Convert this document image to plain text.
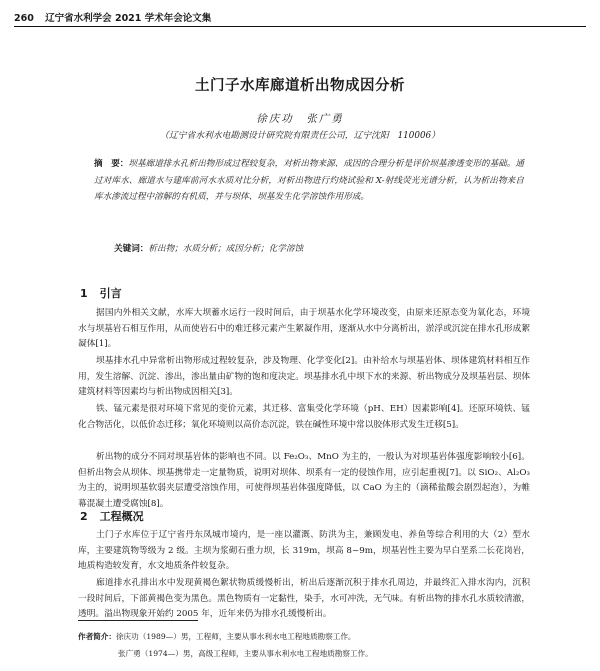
260 辽宁省水利学会 2021 学术年会论文集
土门子水库廊道析出物成因分析
徐庆功　张广勇
（辽宁省水利水电勘测设计研究院有限责任公司，辽宁沈阳　110006）
摘　要：坝基廊道排水孔析出物形成过程较复杂，对析出物来源、成因的合理分析是评价坝基渗透变形的基础。通过对库水、廊道水与建库前河水水质对比分析，对析出物进行灼烧试验和 X-射线荧光光谱分析，认为析出物来自库水渗流过程中溶解的有机质，并与坝体、坝基发生化学溶蚀作用形成。
关键词：析出物；水质分析；成因分析；化学溶蚀
1 引言
据国内外相关文献，水库大坝蓄水运行一段时间后，由于坝基水化学环境改变，由原来还原态变为氧化态，环境水与坝基岩石相互作用，从而使岩石中的难迁移元素产生絮凝作用，逐渐从水中分离析出，淤浮或沉淀在排水孔形成絮凝体[1]。
坝基排水孔中异常析出物形成过程较复杂，涉及物理、化学变化[2]。由补给水与坝基岩体、坝体建筑材料相互作用，发生溶解、沉淀、渗出，渗出量由矿物的饱和度决定。坝基排水孔中坝下水的来源、析出物成分及坝基岩层、坝体建筑材料等因素均与析出物成因相关[3]。
铁、锰元素是很对环境下常见的变价元素，其迁移、富集受化学环境（pH、EH）因素影响[4]。还原环境铁、锰化合物活化，以低价态迁移；氧化环境则以高价态沉淀，铁在碱性环境中常以胶体形式发生迁移[5]。
析出物的成分不同对坝基岩体的影响也不同。以 Fe₂O₃、MnO 为主的，一般认为对坝基岩体强度影响较小[6]。但析出物会从坝体、坝基携带走一定量物质，说明对坝体、坝系有一定的侵蚀作用，应引起重视[7]。以 SiO₂、Al₂O₃ 为主的，说明坝基软弱夹层遭受溶蚀作用，可使得坝基岩体强度降低，以 CaO 为主的（滴稀盐酸会剧烈起泡），为帷幕混凝土遭受腐蚀[8]。
2 工程概况
土门子水库位于辽宁省丹东凤城市境内，是一座以灌溉、防洪为主，兼顾发电、养鱼等综合利用的大（2）型水库，主要建筑物等级为 2 级。主坝为浆砌石重力坝，长 319m，坝高 8~9m，坝基岩性主要为早白垩系二长花岗岩，地质构造较发育，水文地质条件较复杂。
廊道排水孔排出水中发现黄褐色絮状物质缓慢析出，析出后逐渐沉积于排水孔周边，并最终汇入排水沟内，沉积一段时间后，下部黄褐色变为黑色。黑色物质有一定黏性，染手，水可冲洗，无气味。有析出物的排水孔水质较清澈，透明。溢出物现象开始约 2005 年，近年来仍为排水孔缓慢析出。
作者简介：徐庆功（1989—）男，工程师，主要从事水利水电工程地质勘察工作。
张广勇（1974—）男，高级工程师，主要从事水利水电工程地质勘察工作。
